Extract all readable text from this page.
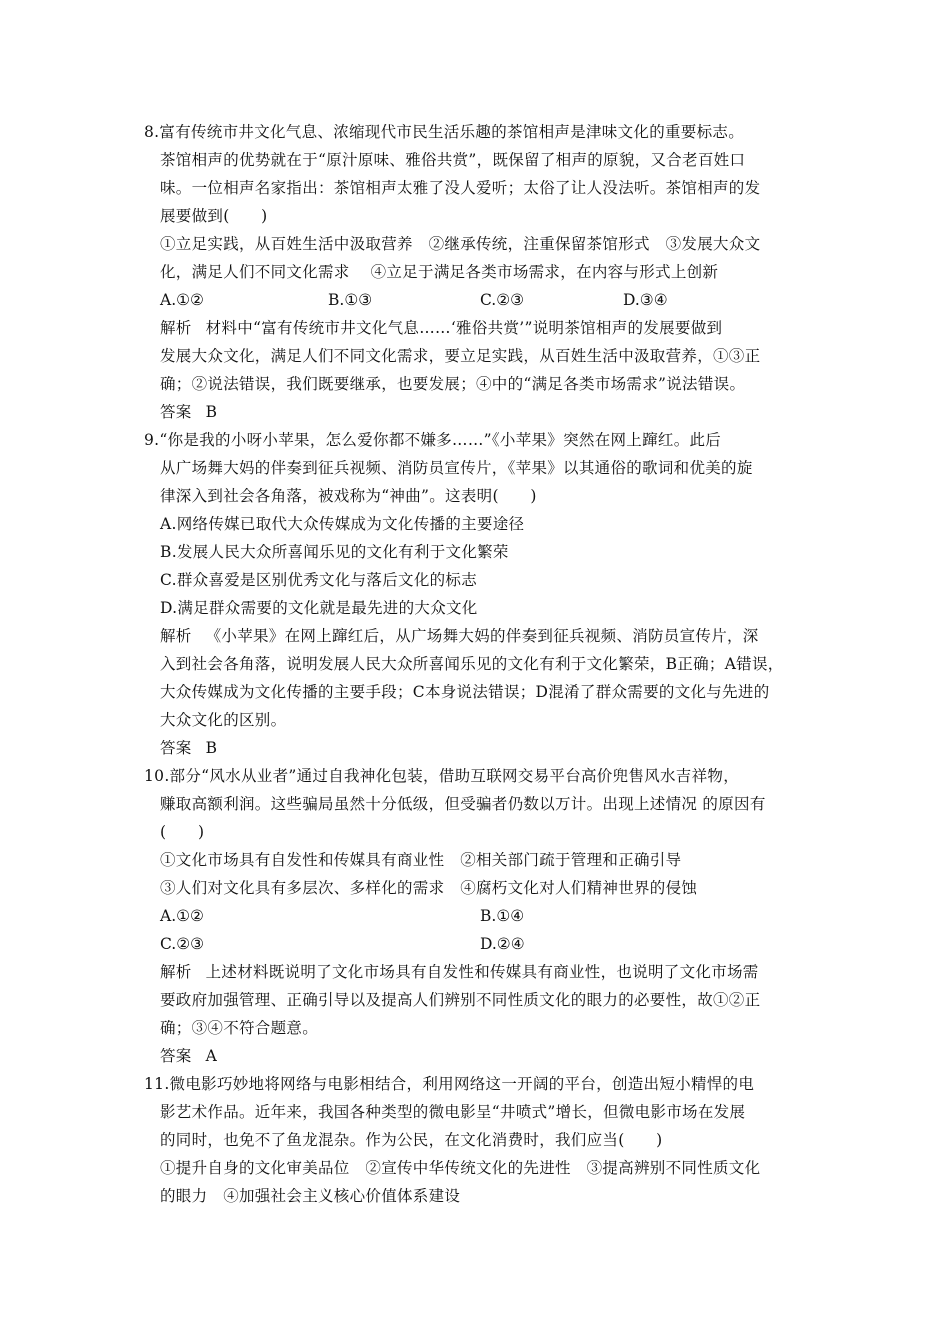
8.富有传统市井文化气息、浓缩现代市民生活乐趣的茶馆相声是津味文化的重要标志。
茶馆相声的优势就在于“原汁原味、雅俗共赏”，既保留了相声的原貌，又合老百姓口
味。一位相声名家指出：茶馆相声太雅了没人爱听；太俗了让人没法听。茶馆相声的发
展要做到(　　)
①立足实践，从百姓生活中汲取营养　②继承传统，注重保留茶馆形式　③发展大众文
化，满足人们不同文化需求　 ④立足于满足各类市场需求，在内容与形式上创新
A.①②	B.①③	C.②③	D.③④
解析 材料中“富有传统市井文化气息……‘雅俗共赏’”说明茶馆相声的发展要做到
发展大众文化，满足人们不同文化需求，要立足实践，从百姓生活中汲取营养，①③正
确；②说法错误，我们既要继承，也要发展；④中的“满足各类市场需求”说法错误。
答案 B
9.“你是我的小呀小苹果，怎么爱你都不嫌多……”《小苹果》突然在网上蹿红。此后
从广场舞大妈的伴奏到征兵视频、消防员宣传片，《苹果》以其通俗的歌词和优美的旋
律深入到社会各角落，被戏称为“神曲”。这表明(　　)
A.网络传媒已取代大众传媒成为文化传播的主要途径
B.发展人民大众所喜闻乐见的文化有利于文化繁荣
C.群众喜爱是区别优秀文化与落后文化的标志
D.满足群众需要的文化就是最先进的大众文化
解析 《小苹果》在网上蹿红后，从广场舞大妈的伴奏到征兵视频、消防员宣传片，深
入到社会各角落，说明发展人民大众所喜闻乐见的文化有利于文化繁荣，B正确；A错误，
大众传媒成为文化传播的主要手段；C本身说法错误；D混淆了群众需要的文化与先进的
大众文化的区别。
答案 B
10.部分“风水从业者”通过自我神化包装，借助互联网交易平台高价兜售风水吉祥物，
赚取高额利润。这些骗局虽然十分低级，但受骗者仍数以万计。出现上述情况 的原因有
(　　)
①文化市场具有自发性和传媒具有商业性　②相关部门疏于管理和正确引导
③人们对文化具有多层次、多样化的需求　④腐朽文化对人们精神世界的侵蚀
A.①②	B.①④
C.②③	D.②④
解析 上述材料既说明了文化市场具有自发性和传媒具有商业性，也说明了文化市场需
要政府加强管理、正确引导以及提高人们辨别不同性质文化的眼力的必要性，故①②正
确；③④不符合题意。
答案 A
11.微电影巧妙地将网络与电影相结合，利用网络这一开阔的平台，创造出短小精悍的电
影艺术作品。近年来，我国各种类型的微电影呈“井喷式”增长，但微电影市场在发展
的同时，也免不了鱼龙混杂。作为公民，在文化消费时，我们应当(　　)
①提升自身的文化审美品位　②宣传中华传统文化的先进性　③提高辨别不同性质文化
的眼力　④加强社会主义核心价值体系建设
